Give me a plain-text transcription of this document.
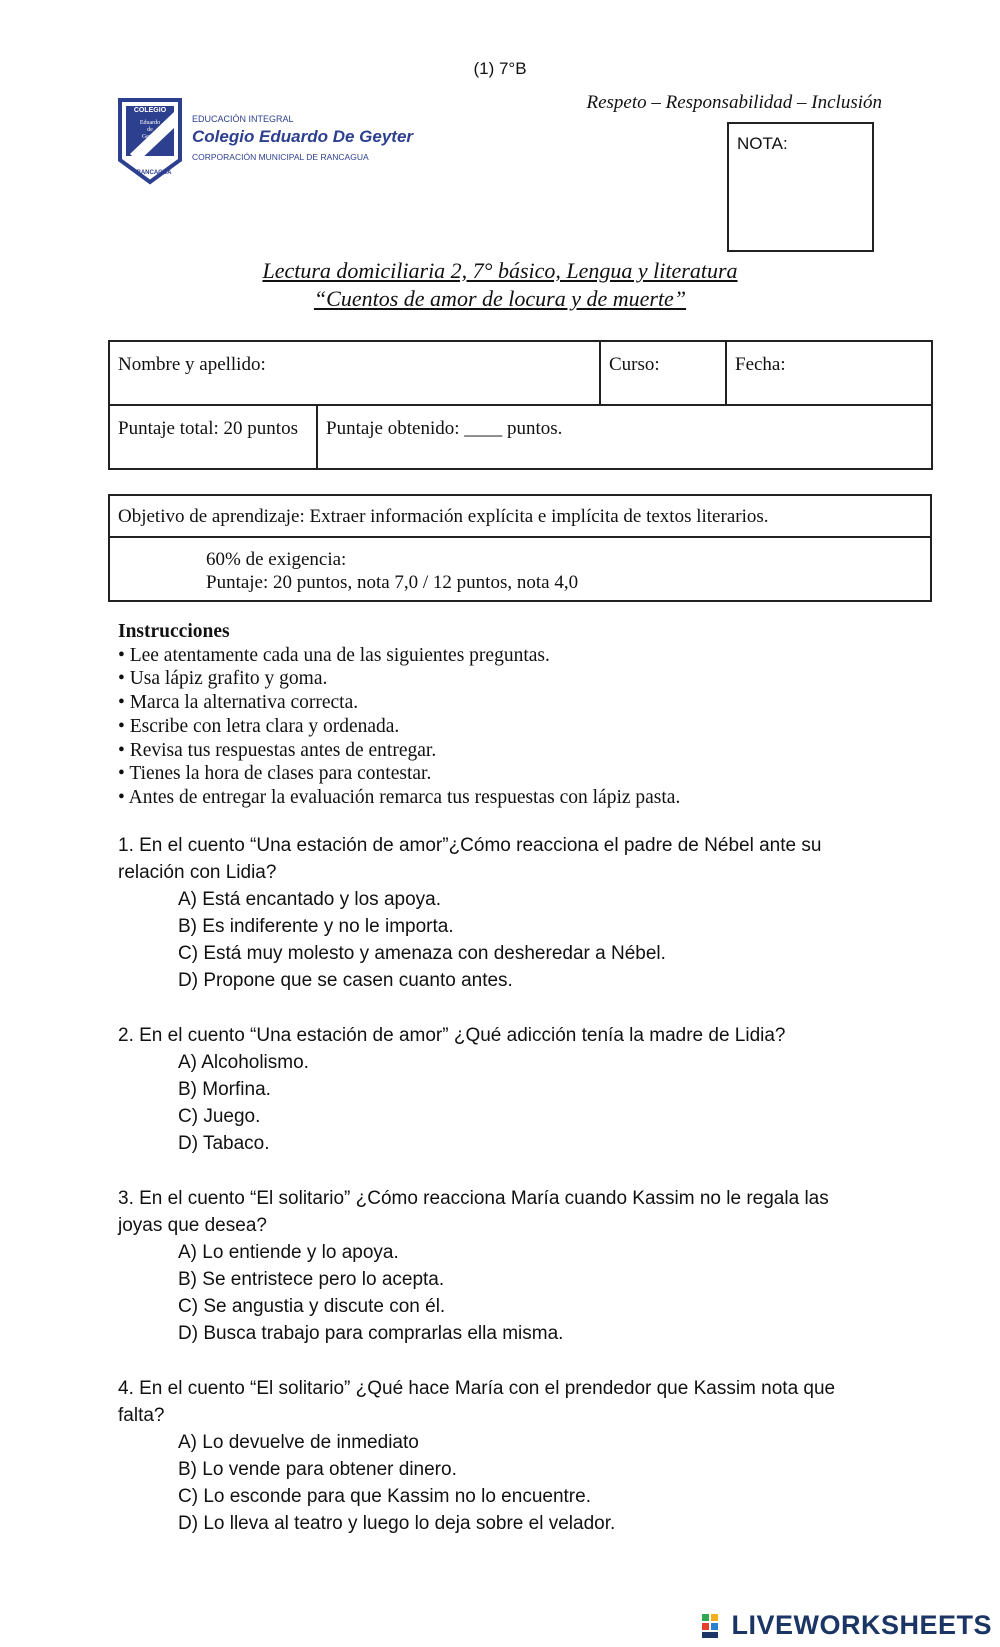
(1) 7°B
Respeto – Responsabilidad – Inclusión
COLEGIO
Eduardo
de
Geyter
RANCAGUA
EDUCACIÓN INTEGRAL
Colegio Eduardo De Geyter
CORPORACIÓN MUNICIPAL DE RANCAGUA
NOTA:
Lectura domiciliaria 2, 7° básico, Lengua y literatura
“Cuentos de amor de locura y de muerte”
Nombre y apellido:		Curso:	Fecha:
Puntaje total: 20 puntos	Puntaje obtenido: ____ puntos.		
Objetivo de aprendizaje: Extraer información explícita e implícita de textos literarios.

60% de exigencia:
Puntaje: 20 puntos, nota 7,0 / 12 puntos, nota 4,0
Instrucciones
• Lee atentamente cada una de las siguientes preguntas.
• Usa lápiz grafito y goma.
• Marca la alternativa correcta.
• Escribe con letra clara y ordenada.
• Revisa tus respuestas antes de entregar.
• Tienes la hora de clases para contestar.
• Antes de entregar la evaluación remarca tus respuestas con lápiz pasta.
1. En el cuento “Una estación de amor”¿Cómo reacciona el padre de Nébel ante su relación con Lidia?
A) Está encantado y los apoya.
B) Es indiferente y no le importa.
C) Está muy molesto y amenaza con desheredar a Nébel.
D) Propone que se casen cuanto antes.
2. En el cuento “Una estación de amor” ¿Qué adicción tenía la madre de Lidia?
A) Alcoholismo.
B) Morfina.
C) Juego.
D) Tabaco.
3. En el cuento “El solitario” ¿Cómo reacciona María cuando Kassim no le regala las joyas que desea?
A) Lo entiende y lo apoya.
B) Se entristece pero lo acepta.
C) Se angustia y discute con él.
D) Busca trabajo para comprarlas ella misma.
4. En el cuento “El solitario” ¿Qué hace María con el prendedor que Kassim nota que falta?
A) Lo devuelve de inmediato
B) Lo vende para obtener dinero.
C) Lo esconde para que Kassim no lo encuentre.
D) Lo lleva al teatro y luego lo deja sobre el velador.
LIVEWORKSHEETS
